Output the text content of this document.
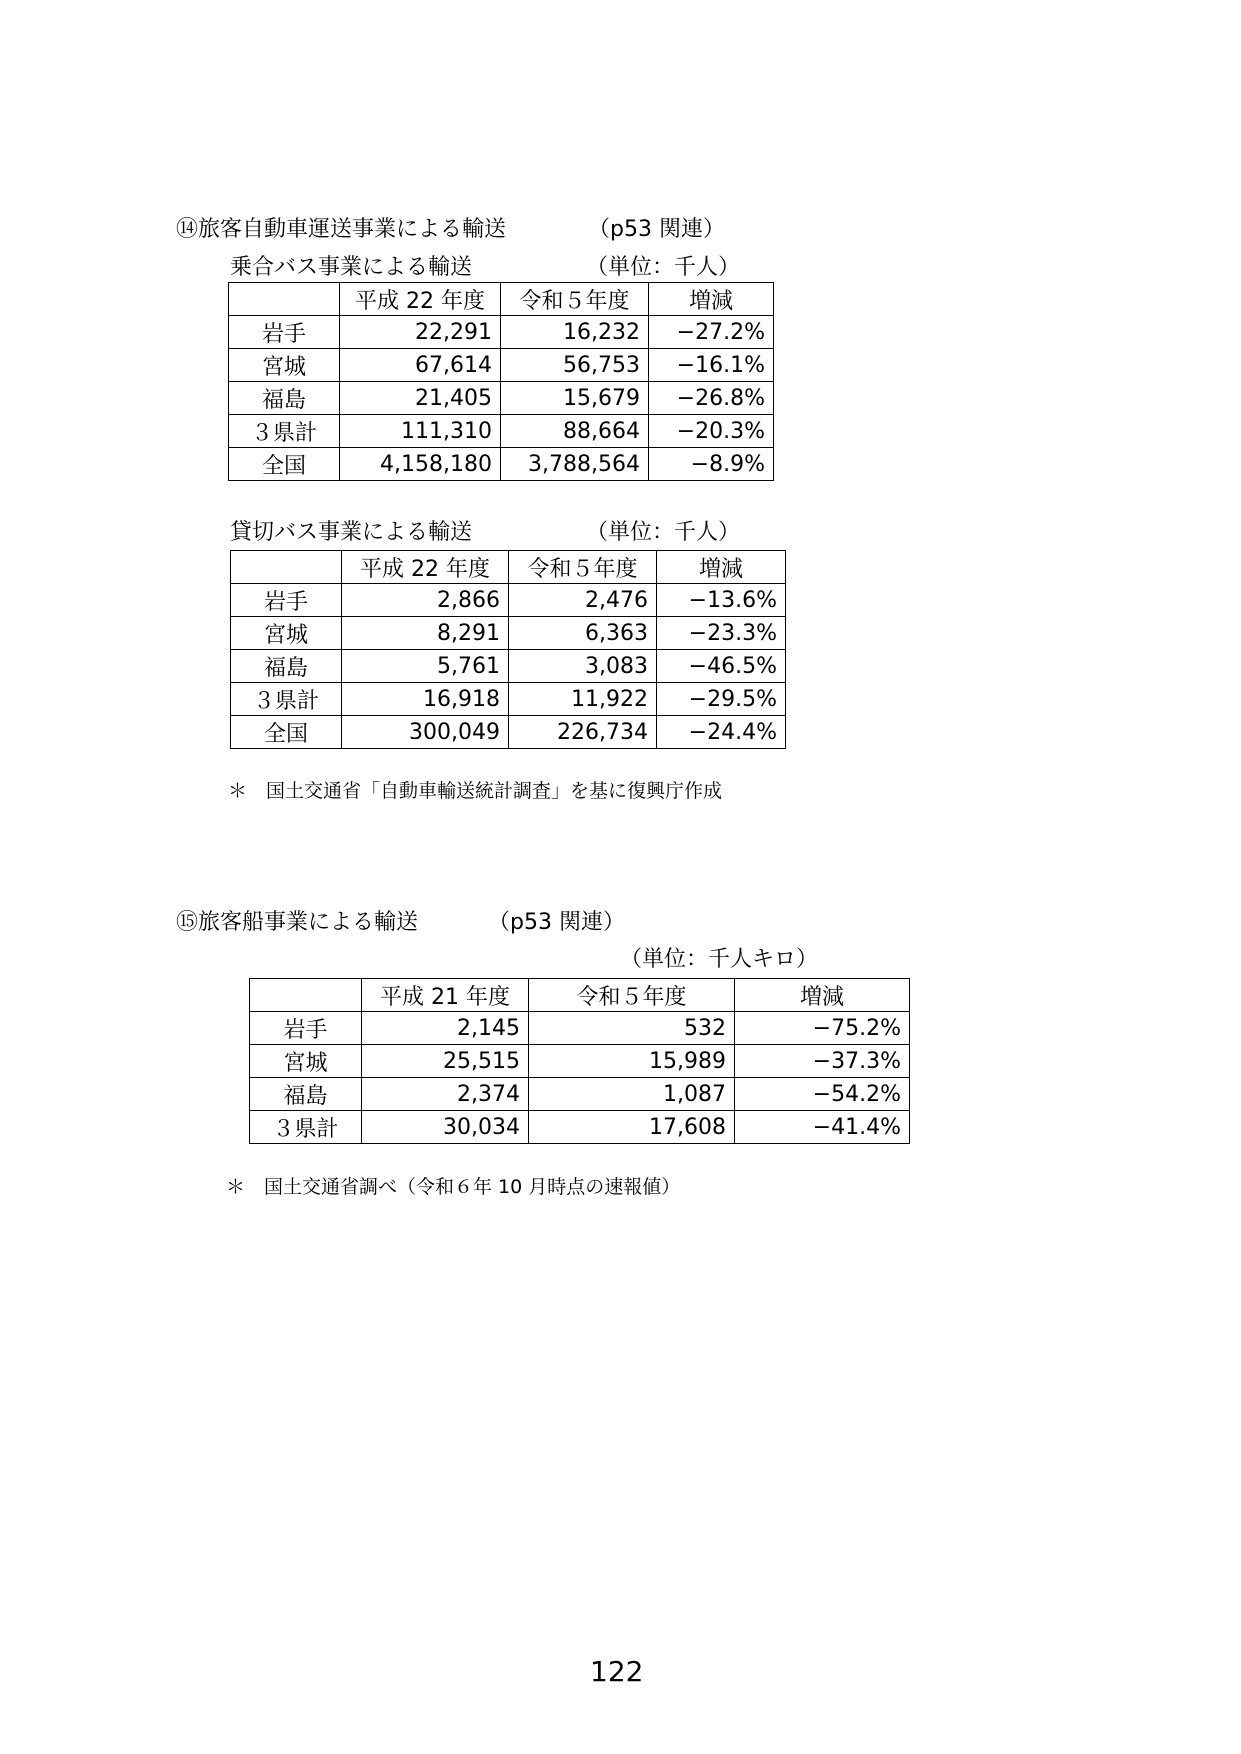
⑭旅客自動車運送事業による輸送	（p53 関連）
乗合バス事業による輸送	（単位：千人）
	平成 22 年度	令和５年度	増減
岩手	22,291	16,232	−27.2%
宮城	67,614	56,753	−16.1%
福島	21,405	15,679	−26.8%
３県計	111,310	88,664	−20.3%
全国	4,158,180	3,788,564	−8.9%
貸切バス事業による輸送	（単位：千人）
	平成 22 年度	令和５年度	増減
岩手	2,866	2,476	−13.6%
宮城	8,291	6,363	−23.3%
福島	5,761	3,083	−46.5%
３県計	16,918	11,922	−29.5%
全国	300,049	226,734	−24.4%
＊　国土交通省「自動車輸送統計調査」を基に復興庁作成
⑮旅客船事業による輸送	（p53 関連）
（単位：千人キロ）
	平成 21 年度	令和５年度	増減
岩手	2,145	532	−75.2%
宮城	25,515	15,989	−37.3%
福島	2,374	1,087	−54.2%
３県計	30,034	17,608	−41.4%
＊　国土交通省調べ（令和６年 10 月時点の速報値）
122
